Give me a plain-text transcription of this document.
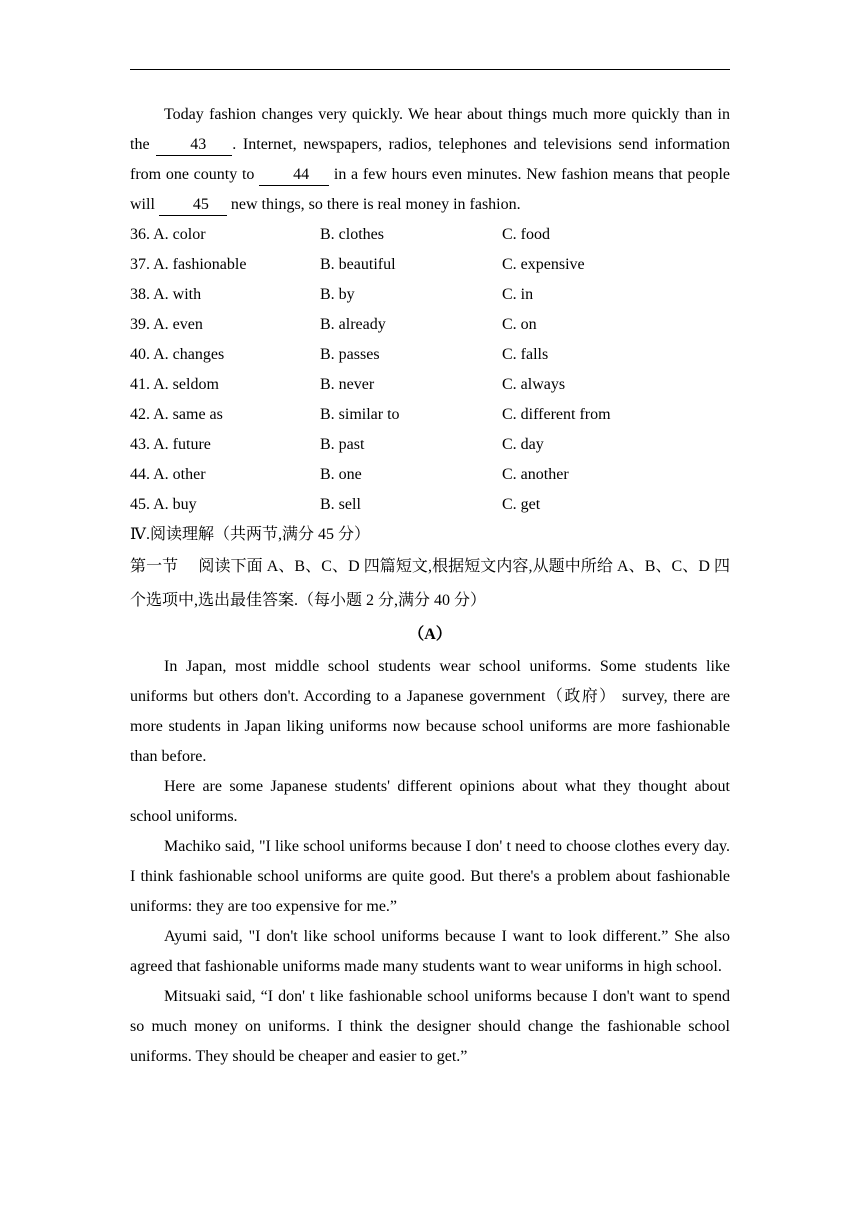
Today fashion changes very quickly. We hear about things much more quickly than in the 43 . Internet, newspapers, radios, telephones and televisions send information from one county to 44 in a few hours even minutes. New fashion means that people will 45 new things, so there is real money in fashion.

36. A. color	B. clothes	C. food
37. A. fashionable	B. beautiful	C. expensive
38. A. with	B. by	C. in
39. A. even	B. already	C. on
40. A. changes	B. passes	C. falls
41. A. seldom	B. never	C. always
42. A. same as	B. similar to	C. different from
43. A. future	B. past	C. day
44. A. other	B. one	C. another
45. A. buy	B. sell	C. get

Ⅳ.阅读理解（共两节,满分 45 分）

第一节　 阅读下面 A、B、C、D 四篇短文,根据短文内容,从题中所给 A、B、C、D 四个选项中,选出最佳答案.（每小题 2 分,满分 40 分）

（A）

In Japan, most middle school students wear school uniforms. Some students like uniforms but others don't. According to a Japanese government（政府） survey, there are more students in Japan liking uniforms now because school uniforms are more fashionable than before.

Here are some Japanese students' different opinions about what they thought about school uniforms.

Machiko said, "I like school uniforms because I don' t need to choose clothes every day. I think fashionable school uniforms are quite good. But there's a problem about fashionable uniforms: they are too expensive for me.”

Ayumi said, "I don't like school uniforms because I want to look different.” She also agreed that fashionable uniforms made many students want to wear uniforms in high school.

Mitsuaki said, “I don' t like fashionable school uniforms because I don't want to spend so much money on uniforms. I think the designer should change the fashionable school uniforms. They should be cheaper and easier to get.”
